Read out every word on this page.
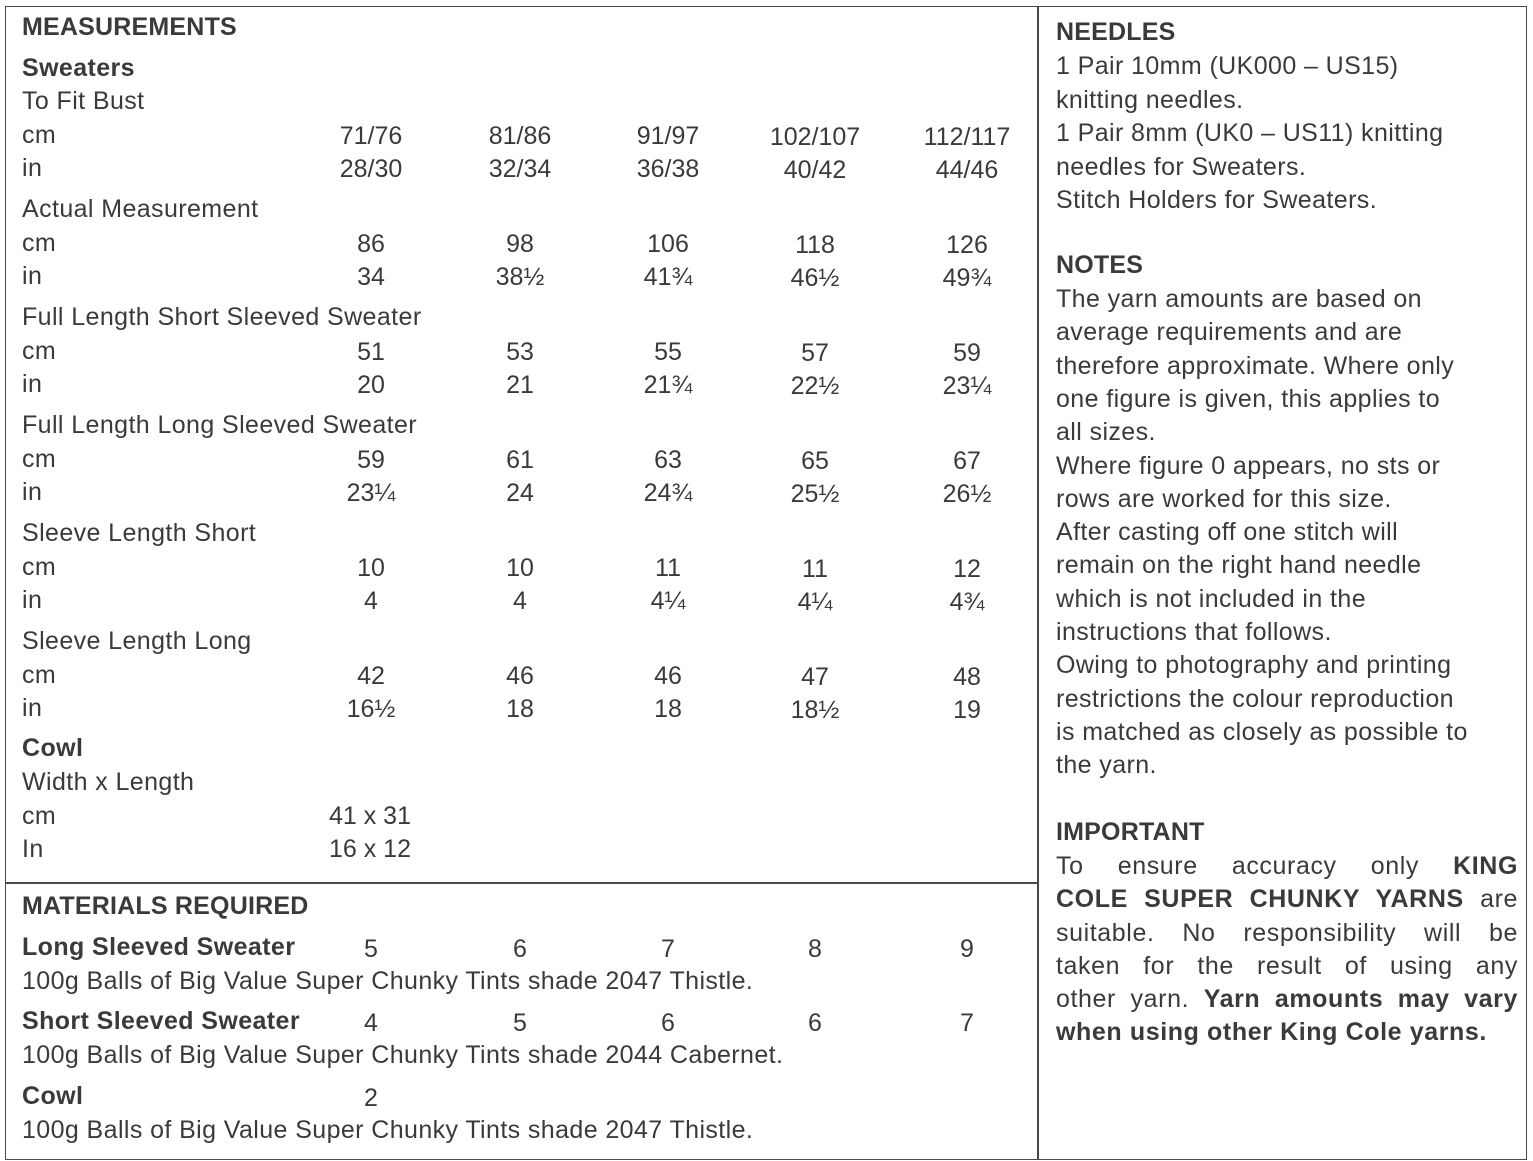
MEASUREMENTS
Sweaters
To Fit Bust
cm	71/76	81/86	91/97	102/107	112/117
in	28/30	32/34	36/38	40/42	44/46
Actual Measurement
cm	86	98	106	118	126
in	34	38½	41¾	46½	49¾
Full Length Short Sleeved Sweater
cm	51	53	55	57	59
in	20	21	21¾	22½	23¼
Full Length Long Sleeved Sweater
cm	59	61	63	65	67
in	23¼	24	24¾	25½	26½
Sleeve Length Short
cm	10	10	11	11	12
in	4	4	4¼	4¼	4¾
Sleeve Length Long
cm	42	46	46	47	48
in	16½	18	18	18½	19
Cowl
Width x Length
cm	41 x 31
In	16 x 12
MATERIALS REQUIRED
Long Sleeved Sweater	5	6	7	8	9
100g Balls of Big Value Super Chunky Tints shade 2047 Thistle.
Short Sleeved Sweater	4	5	6	6	7
100g Balls of Big Value Super Chunky Tints shade 2044 Cabernet.
Cowl	2
100g Balls of Big Value Super Chunky Tints shade 2047 Thistle.
NEEDLES
1 Pair 10mm (UK000 – US15)
knitting needles.
1 Pair 8mm (UK0 – US11) knitting
needles for Sweaters.
Stitch Holders for Sweaters.
NOTES
The yarn amounts are based on
average requirements and are
therefore approximate. Where only
one figure is given, this applies to
all sizes.
Where figure 0 appears, no sts or
rows are worked for this size.
After casting off one stitch will
remain on the right hand needle
which is not included in the
instructions that follows.
Owing to photography and printing
restrictions the colour reproduction
is matched as closely as possible to
the yarn.
IMPORTANT
To ensure accuracy only KING
COLE SUPER CHUNKY YARNS are
suitable. No responsibility will be
taken for the result of using any
other yarn. Yarn amounts may vary
when using other King Cole yarns.
